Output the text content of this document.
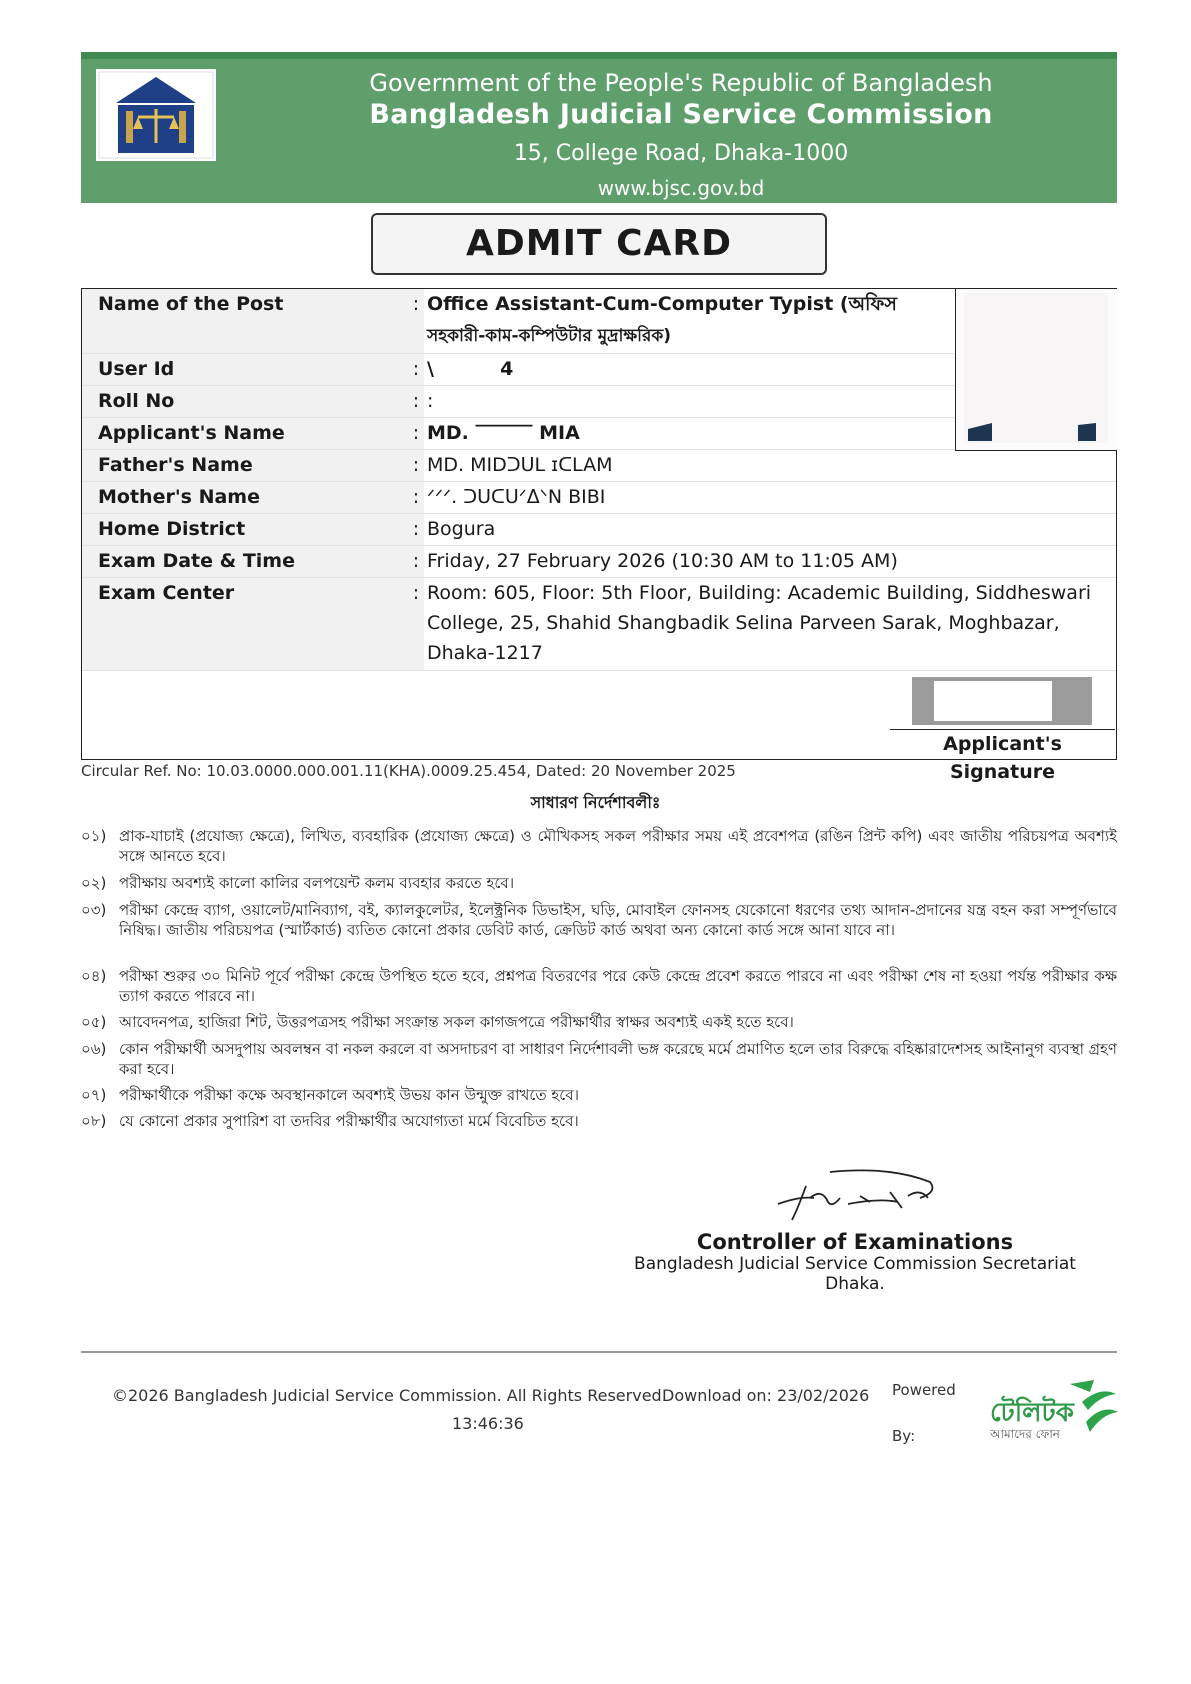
Government of the People's Republic of Bangladesh
Bangladesh Judicial Service Commission
15, College Road, Dhaka-1000
www.bjsc.gov.bd
ADMIT CARD
Name of the Post	: Office Assistant-Cum-Computer Typist (অফিস
সহকারী-কাম-কম্পিউটার মুদ্রাক্ষরিক)
User Id	: \          4
Roll No	: :
Applicant's Name	: MD. ‾‾‾‾‾‾ MIA
Father's Name	: MD. MIDᑐᑌL ɪᑕLAM
Mother's Name	: ᐟᐟᐟ. ᑐᑌᑕᑌᐟᐃᐠN BIBI
Home District	: Bogura
Exam Date & Time	: Friday, 27 February 2026 (10:30 AM to 11:05 AM)
Exam Center	: Room: 605, Floor: 5th Floor, Building: Academic Building, Siddheswari
College, 25, Shahid Shangbadik Selina Parveen Sarak, Moghbazar,
Dhaka-1217
Applicant's Signature
Circular Ref. No: 10.03.0000.000.001.11(KHA).0009.25.454, Dated: 20 November 2025
সাধারণ নির্দেশাবলীঃ
০১) প্রাক-যাচাই (প্রযোজ্য ক্ষেত্রে), লিখিত, ব্যবহারিক (প্রযোজ্য ক্ষেত্রে) ও মৌখিকসহ সকল পরীক্ষার সময় এই প্রবেশপত্র (রঙিন প্রিন্ট কপি) এবং জাতীয় পরিচয়পত্র অবশ্যই সঙ্গে আনতে হবে।
০২) পরীক্ষায় অবশ্যই কালো কালির বলপয়েন্ট কলম ব্যবহার করতে হবে।
০৩) পরীক্ষা কেন্দ্রে ব্যাগ, ওয়ালেট/মানিব্যাগ, বই, ক্যালকুলেটর, ইলেক্ট্রনিক ডিভাইস, ঘড়ি, মোবাইল ফোনসহ যেকোনো ধরণের তথ্য আদান-প্রদানের যন্ত্র বহন করা সম্পূর্ণভাবে নিষিদ্ধ। জাতীয় পরিচয়পত্র (স্মার্টকার্ড) ব্যতিত কোনো প্রকার ডেবিট কার্ড, ক্রেডিট কার্ড অথবা অন্য কোনো কার্ড সঙ্গে আনা যাবে না।
০৪) পরীক্ষা শুরুর ৩০ মিনিট পূর্বে পরীক্ষা কেন্দ্রে উপস্থিত হতে হবে, প্রশ্নপত্র বিতরণের পরে কেউ কেন্দ্রে প্রবেশ করতে পারবে না এবং পরীক্ষা শেষ না হওয়া পর্যন্ত পরীক্ষার কক্ষ ত্যাগ করতে পারবে না।
০৫) আবেদনপত্র, হাজিরা শিট, উত্তরপত্রসহ পরীক্ষা সংক্রান্ত সকল কাগজপত্রে পরীক্ষার্থীর স্বাক্ষর অবশ্যই একই হতে হবে।
০৬) কোন পরীক্ষার্থী অসদুপায় অবলম্বন বা নকল করলে বা অসদাচরণ বা সাধারণ নির্দেশাবলী ভঙ্গ করেছে মর্মে প্রমাণিত হলে তার বিরুদ্ধে বহিষ্কারাদেশসহ আইনানুগ ব্যবস্থা গ্রহণ করা হবে।
০৭) পরীক্ষার্থীকে পরীক্ষা কক্ষে অবস্থানকালে অবশ্যই উভয় কান উন্মুক্ত রাখতে হবে।
০৮) যে কোনো প্রকার সুপারিশ বা তদবির পরীক্ষার্থীর অযোগ্যতা মর্মে বিবেচিত হবে।
Controller of Examinations
Bangladesh Judicial Service Commission Secretariat
Dhaka.
©2026 Bangladesh Judicial Service Commission. All Rights Reserved.
Download on: 23/02/2026
13:46:36
Powered
By:
টেলিটক
আমাদের ফোন
